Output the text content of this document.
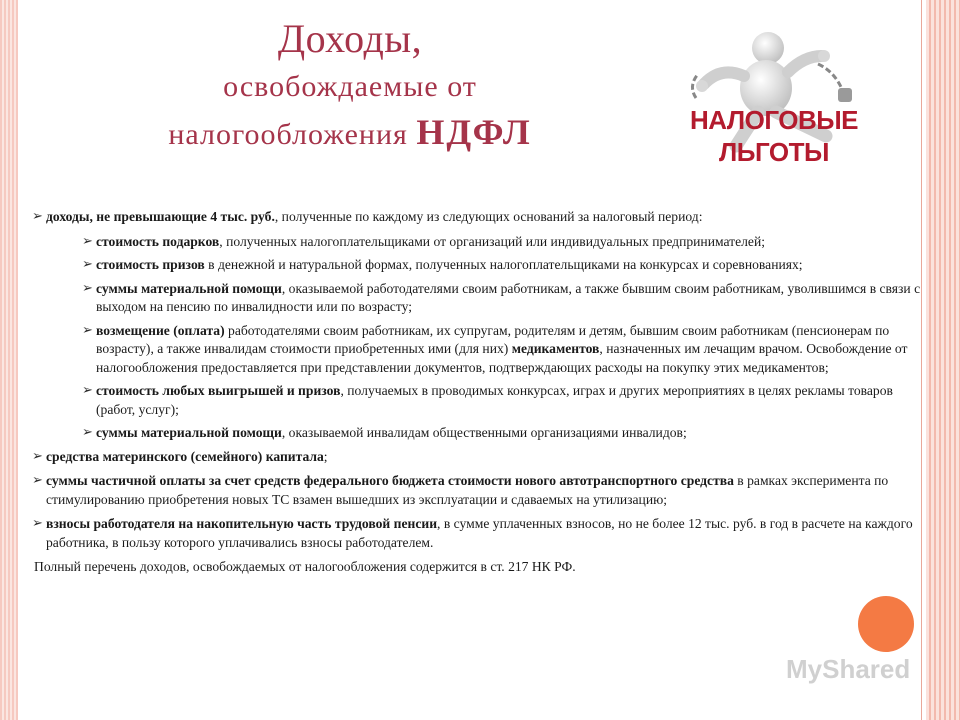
Доходы,
освобождаемые от
налогообложения НДФЛ	НАЛОГОВЫЕ
ЛЬГОТЫ
➢ доходы, не превышающие 4 тыс. руб., полученные по каждому из следующих оснований за налоговый период:
➢ стоимость подарков, полученных налогоплательщиками от организаций или индивидуальных предпринимателей;
➢ стоимость призов в денежной и натуральной формах, полученных налогоплательщиками на конкурсах и соревнованиях;
➢ суммы материальной помощи, оказываемой работодателями своим работникам, а также бывшим своим работникам, уволившимся в связи с выходом на пенсию по инвалидности или по возрасту;
➢ возмещение (оплата) работодателями своим работникам, их супругам, родителям и детям, бывшим своим работникам (пенсионерам по возрасту), а также инвалидам стоимости приобретенных ими (для них) медикаментов, назначенных им лечащим врачом. Освобождение от налогообложения предоставляется при представлении документов, подтверждающих расходы на покупку этих медикаментов;
➢ стоимость любых выигрышей и призов, получаемых в проводимых конкурсах, играх и других мероприятиях в целях рекламы товаров (работ, услуг);
➢ суммы материальной помощи, оказываемой инвалидам общественными организациями инвалидов;
➢ средства материнского (семейного) капитала;
➢ суммы частичной оплаты за счет средств федерального бюджета стоимости нового автотранспортного средства в рамках эксперимента по стимулированию приобретения новых ТС взамен вышедших из эксплуатации и сдаваемых на утилизацию;
➢ взносы работодателя на накопительную часть трудовой пенсии, в сумме уплаченных взносов, но не более 12 тыс. руб. в год в расчете на каждого работника, в пользу которого уплачивались взносы работодателем.
Полный перечень доходов, освобождаемых от налогообложения содержится в ст. 217 НК РФ.
MyShared
